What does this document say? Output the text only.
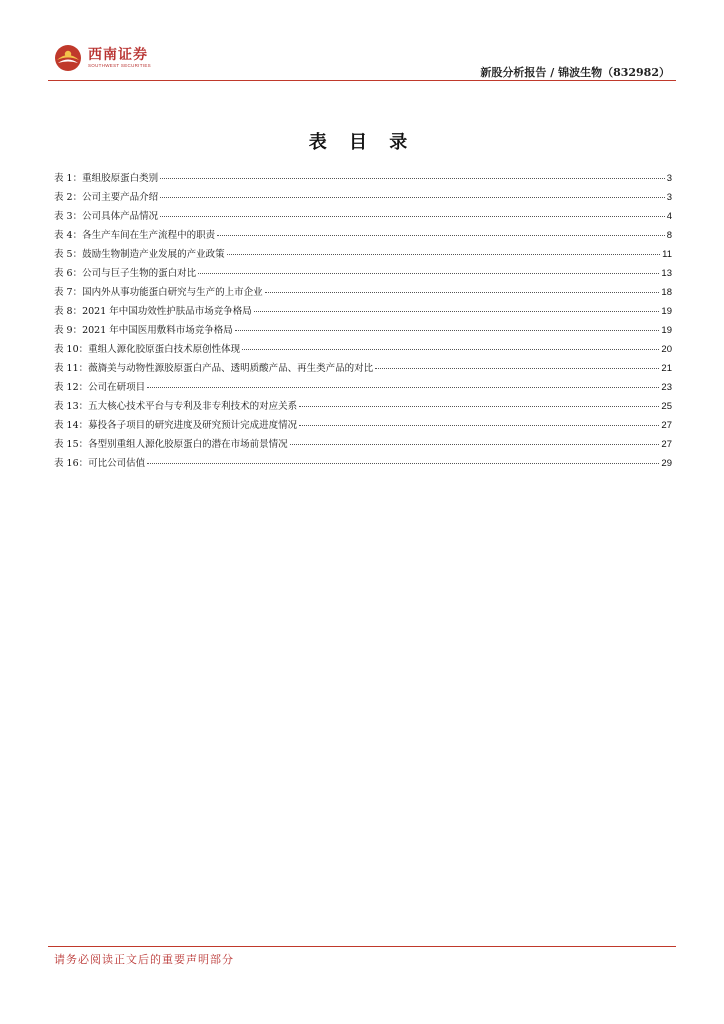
西南证券
SOUTHWEST SECURITIES
新股分析报告 / 锦波生物（832982）
表 目 录
表 1：重组胶原蛋白类别	3
表 2：公司主要产品介绍	3
表 3：公司具体产品情况	4
表 4：各生产车间在生产流程中的职责	8
表 5：鼓励生物制造产业发展的产业政策	11
表 6：公司与巨子生物的蛋白对比	13
表 7：国内外从事功能蛋白研究与生产的上市企业	18
表 8：2021 年中国功效性护肤品市场竞争格局	19
表 9：2021 年中国医用敷料市场竞争格局	19
表 10：重组人源化胶原蛋白技术原创性体现	20
表 11：薇旖美与动物性源胶原蛋白产品、透明质酸产品、再生类产品的对比	21
表 12：公司在研项目	23
表 13：五大核心技术平台与专利及非专利技术的对应关系	25
表 14：募投各子项目的研究进度及研究预计完成进度情况	27
表 15：各型别重组人源化胶原蛋白的潜在市场前景情况	27
表 16：可比公司估值	29
请务必阅读正文后的重要声明部分
